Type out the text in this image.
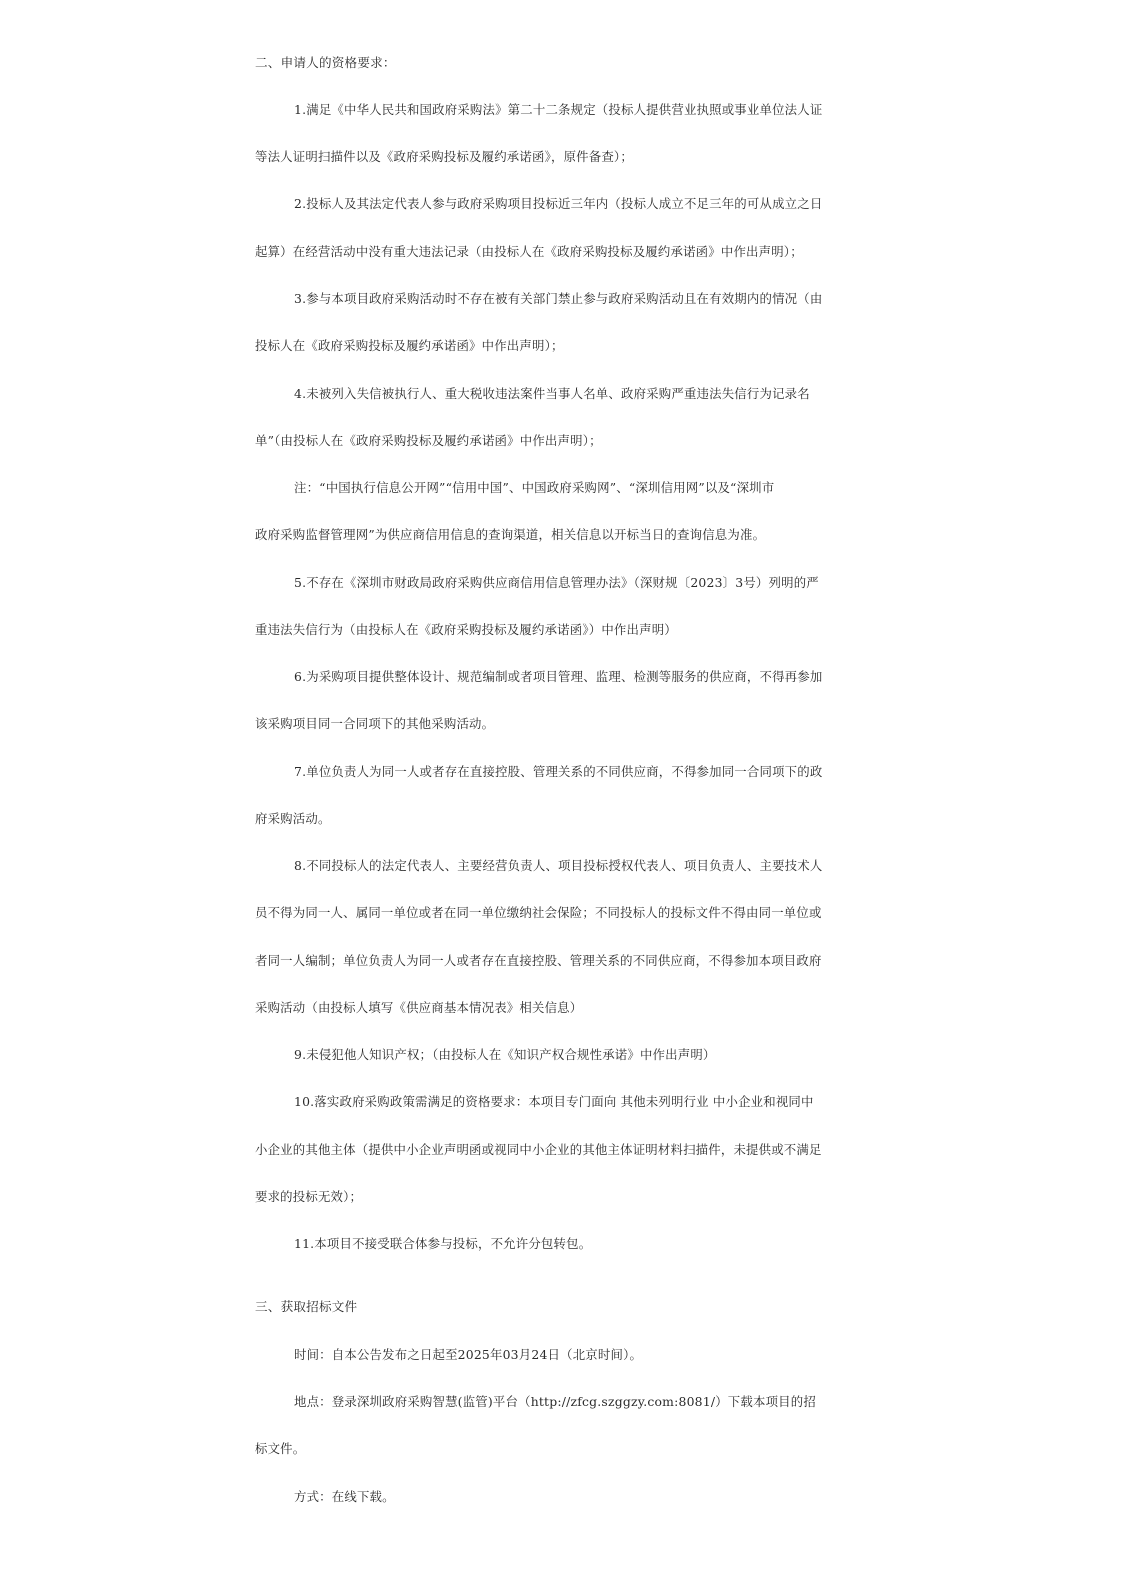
二、申请人的资格要求：
1.满足《中华人民共和国政府采购法》第二十二条规定（投标人提供营业执照或事业单位法人证
等法人证明扫描件以及《政府采购投标及履约承诺函》，原件备查）；
2.投标人及其法定代表人参与政府采购项目投标近三年内（投标人成立不足三年的可从成立之日
起算）在经营活动中没有重大违法记录（由投标人在《政府采购投标及履约承诺函》中作出声明）；
3.参与本项目政府采购活动时不存在被有关部门禁止参与政府采购活动且在有效期内的情况（由
投标人在《政府采购投标及履约承诺函》中作出声明）；
4.未被列入失信被执行人、重大税收违法案件当事人名单、政府采购严重违法失信行为记录名
单”（由投标人在《政府采购投标及履约承诺函》中作出声明）；
注：“中国执行信息公开网”“信用中国”、中国政府采购网”、“深圳信用网”以及“深圳市
政府采购监督管理网”为供应商信用信息的查询渠道，相关信息以开标当日的查询信息为准。
5.不存在《深圳市财政局政府采购供应商信用信息管理办法》（深财规〔2023〕3号）列明的严
重违法失信行为（由投标人在《政府采购投标及履约承诺函》）中作出声明）
6.为采购项目提供整体设计、规范编制或者项目管理、监理、检测等服务的供应商，不得再参加
该采购项目同一合同项下的其他采购活动。
7.单位负责人为同一人或者存在直接控股、管理关系的不同供应商，不得参加同一合同项下的政
府采购活动。
8.不同投标人的法定代表人、主要经营负责人、项目投标授权代表人、项目负责人、主要技术人
员不得为同一人、属同一单位或者在同一单位缴纳社会保险；不同投标人的投标文件不得由同一单位或
者同一人编制；单位负责人为同一人或者存在直接控股、管理关系的不同供应商，不得参加本项目政府
采购活动（由投标人填写《供应商基本情况表》相关信息）
9.未侵犯他人知识产权；（由投标人在《知识产权合规性承诺》中作出声明）
10.落实政府采购政策需满足的资格要求：本项目专门面向 其他未列明行业 中小企业和视同中
小企业的其他主体（提供中小企业声明函或视同中小企业的其他主体证明材料扫描件，未提供或不满足
要求的投标无效）；
11.本项目不接受联合体参与投标，不允许分包转包。
三、获取招标文件
时间：自本公告发布之日起至2025年03月24日（北京时间）。
地点：登录深圳政府采购智慧(监管)平台（http://zfcg.szggzy.com:8081/）下载本项目的招
标文件。
方式：在线下载。
